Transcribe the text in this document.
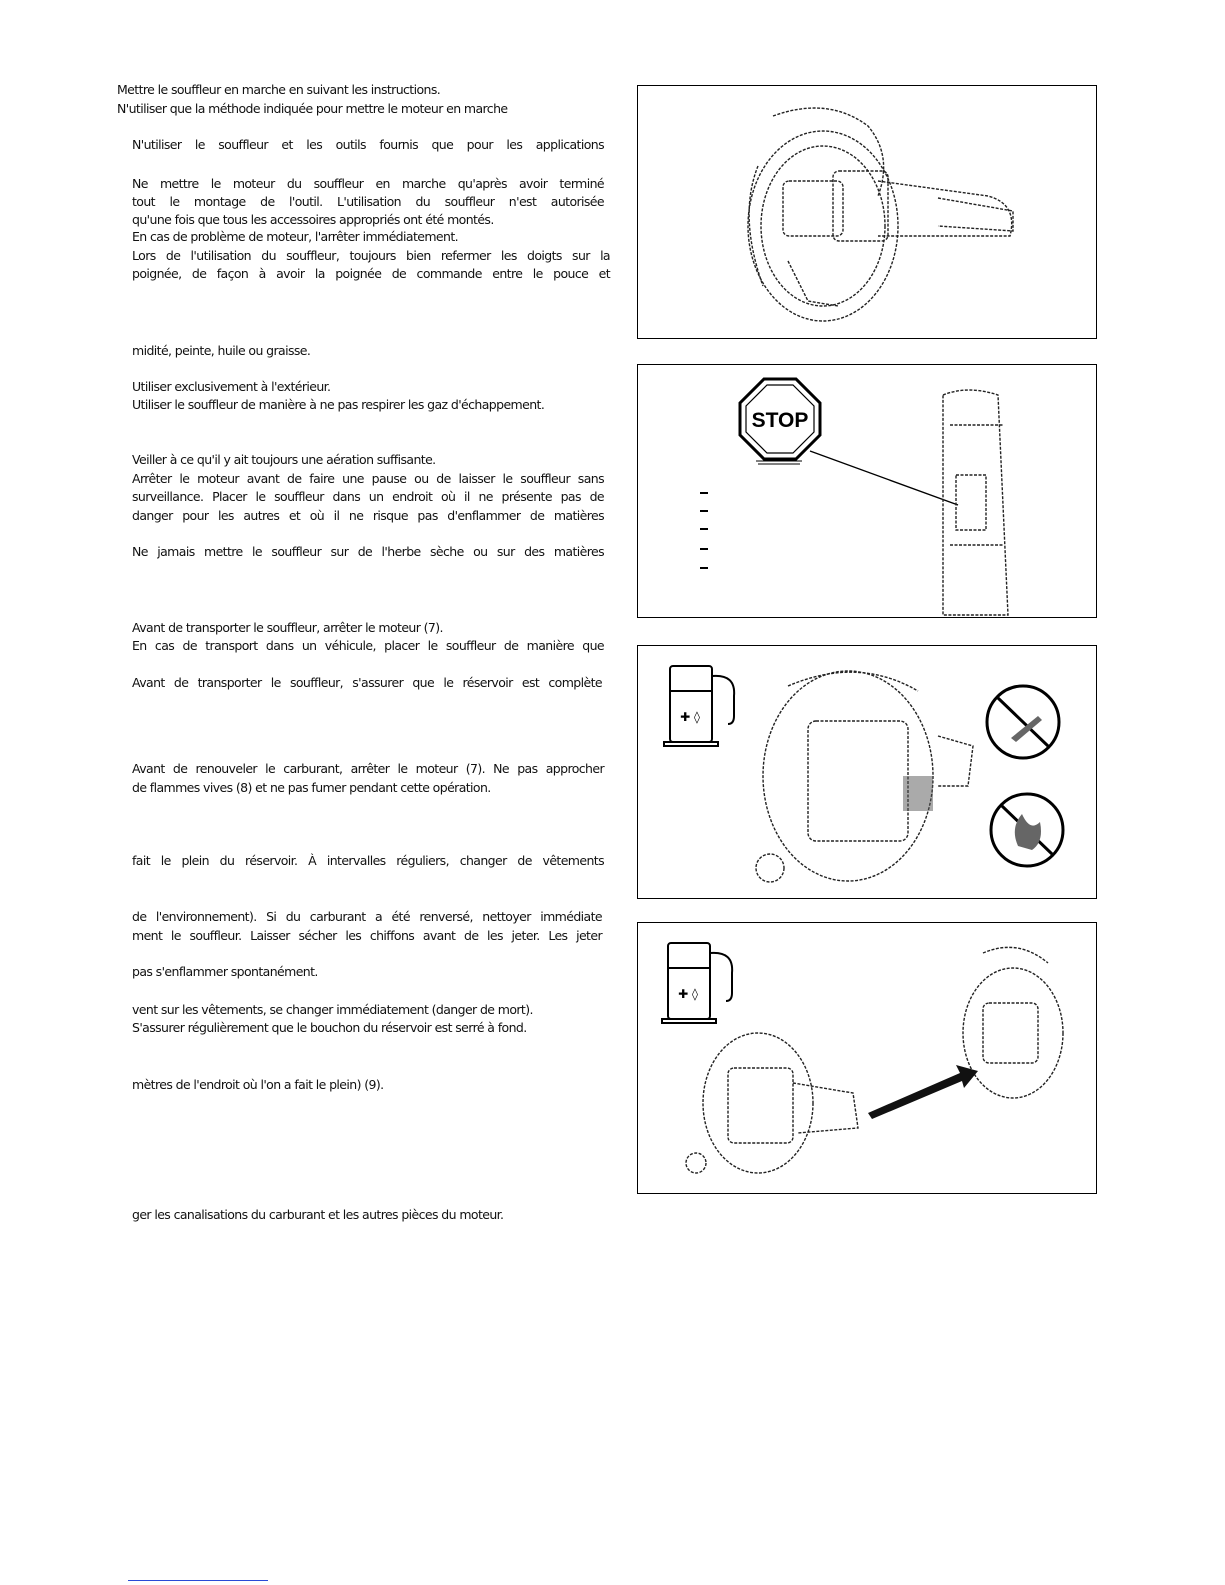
Mettre le souffleur en marche en suivant les instructions.
N'utiliser que la méthode indiquée pour mettre le moteur en marche
N'utiliser le souffleur et les outils fournis que pour les applications
Ne mettre le moteur du souffleur en marche qu'après avoir terminé
tout le montage de l'outil. L'utilisation du souffleur n'est autorisée
qu'une fois que tous les accessoires appropriés ont été montés.
En cas de problème de moteur, l'arrêter immédiatement.
Lors de l'utilisation du souffleur, toujours bien refermer les doigts sur la
poignée, de façon à avoir la poignée de commande entre le pouce et
midité, peinte, huile ou graisse.
Utiliser exclusivement à l'extérieur.
Utiliser le souffleur de manière à ne pas respirer les gaz d'échappement.
Veiller à ce qu'il y ait toujours une aération suffisante.
Arrêter le moteur avant de faire une pause ou de laisser le souffleur sans
surveillance. Placer le souffleur dans un endroit où il ne présente pas de
danger pour les autres et où il ne risque pas d'enflammer de matières
Ne jamais mettre le souffleur sur de l'herbe sèche ou sur des matières
Avant de transporter le souffleur, arrêter le moteur (7).
En cas de transport dans un véhicule, placer le souffleur de manière que
Avant de transporter le souffleur, s'assurer que le réservoir est complète
Avant de renouveler le carburant, arrêter le moteur (7). Ne pas approcher
de flammes vives (8) et ne pas fumer pendant cette opération.
fait le plein du réservoir. À intervalles réguliers, changer de vêtements
de l'environnement). Si du carburant a été renversé, nettoyer immédiate
ment le souffleur. Laisser sécher les chiffons avant de les jeter. Les jeter
pas s'enflammer spontanément.
vent sur les vêtements, se changer immédiatement (danger de mort).
S'assurer régulièrement que le bouchon du réservoir est serré à fond.
mètres de l'endroit où l'on a fait le plein) (9).
ger les canalisations du carburant et les autres pièces du moteur.
STOP
✚ ◊
✚ ◊
